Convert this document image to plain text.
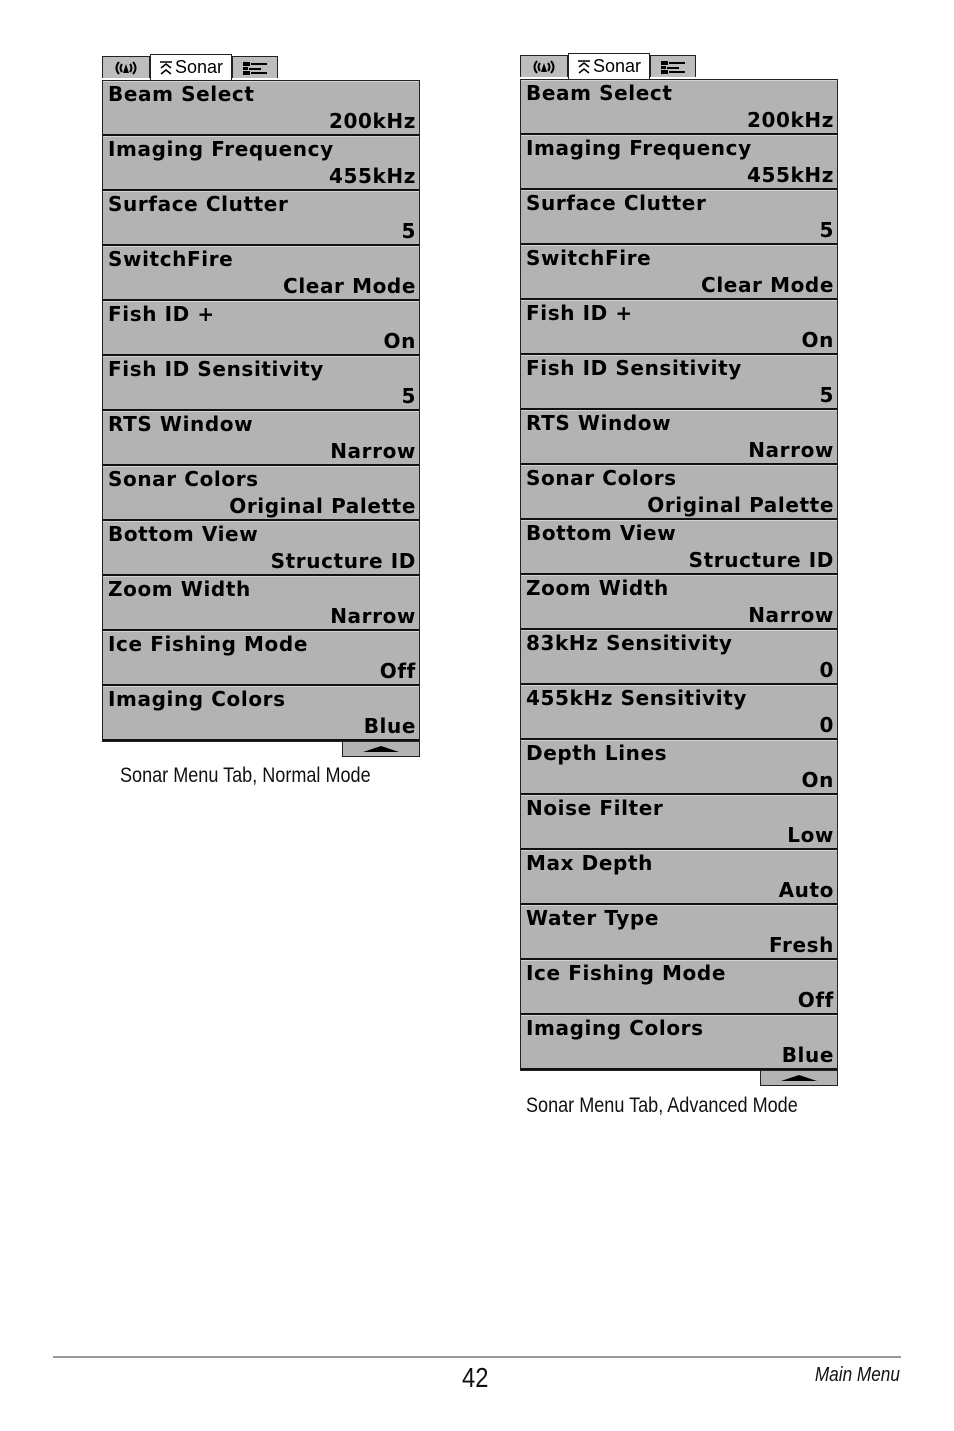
Sonar
Beam Select
200kHz
Imaging Frequency
455kHz
Surface Clutter
5
SwitchFire
Clear Mode
Fish ID +
On
Fish ID Sensitivity
5
RTS Window
Narrow
Sonar Colors
Original Palette
Bottom View
Structure ID
Zoom Width
Narrow
Ice Fishing Mode
Off
Imaging Colors
Blue
Sonar Menu Tab, Normal Mode
Sonar
Beam Select
200kHz
Imaging Frequency
455kHz
Surface Clutter
5
SwitchFire
Clear Mode
Fish ID +
On
Fish ID Sensitivity
5
RTS Window
Narrow
Sonar Colors
Original Palette
Bottom View
Structure ID
Zoom Width
Narrow
83kHz Sensitivity
0
455kHz Sensitivity
0
Depth Lines
On
Noise Filter
Low
Max Depth
Auto
Water Type
Fresh
Ice Fishing Mode
Off
Imaging Colors
Blue
Sonar Menu Tab, Advanced Mode
42	Main Menu
